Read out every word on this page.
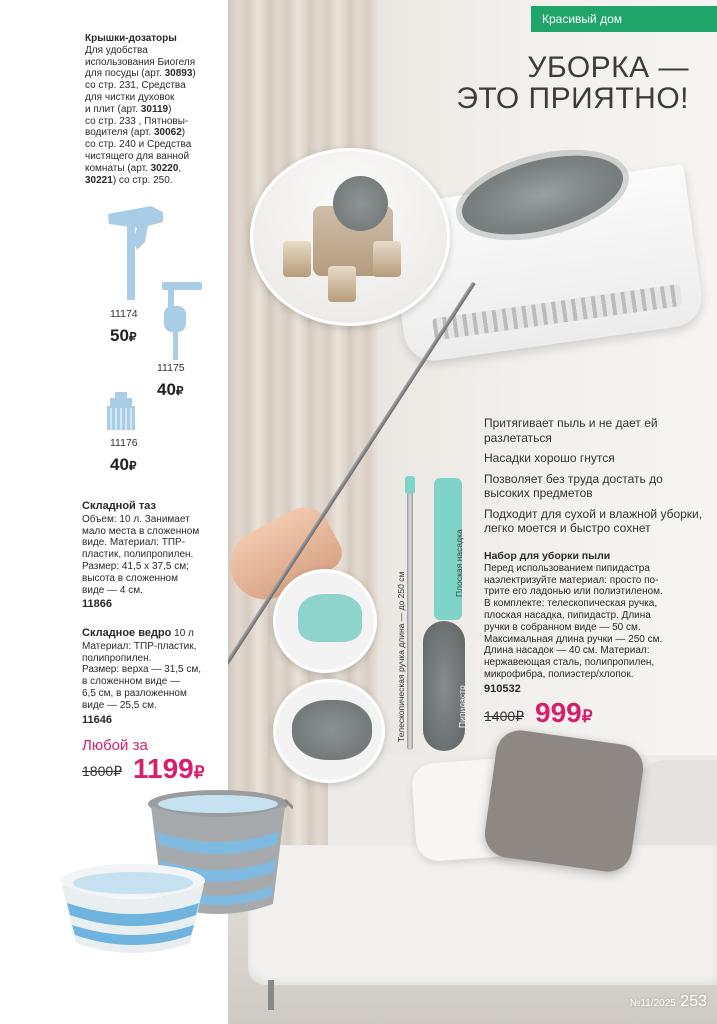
Красивый дом
УБОРКА —
ЭТО ПРИЯТНО!
Телескопическая ручка длина — до 250 см
Плоская насадка
Пипидастр
Крышки-дозаторы
Для удобства
использования Биогеля
для посуды (арт. 30893)
со стр. 231, Средства
для чистки духовок
и плит (арт. 30119)
со стр. 233 , Пятновы-
водителя (арт. 30062)
со стр. 240 и Средства
чистящего для ванной
комнаты (арт. 30220,
30221) со стр. 250.
11174
50₽
11175
40₽
11176
40₽
Складной таз
Объем: 10 л. Занимает
мало места в сложенном
виде. Материал: ТПР-
пластик, полипропилен.
Размер: 41,5 х 37,5 см;
высота в сложенном
виде — 4 см.
11866
Складное ведро 10 л
Материал: ТПР-пластик,
полипропилен.
Размер: верха — 31,5 см,
в сложенном виде —
6,5 см, в разложенном
виде — 25,5 см.
11646
Любой за
1800₽ 1199₽
Притягивает пыль и не дает ей разлетаться
Насадки хорошо гнутся
Позволяет без труда достать до высоких предметов
Подходит для сухой и влажной уборки, легко моется и быстро сохнет
Набор для уборки пыли
Перед использованием пипидастра
наэлектризуйте материал: просто по-
трите его ладонью или полиэтиленом.
В комплекте: телескопическая ручка,
плоская насадка, пипидастр. Длина
ручки в собранном виде — 50 см.
Максимальная длина ручки — 250 см.
Длина насадок — 40 см. Материал:
нержавеющая сталь, полипропилен,
микрофибра, полиэстер/хлопок.
910532
1400₽ 999₽
№11/2025 253
